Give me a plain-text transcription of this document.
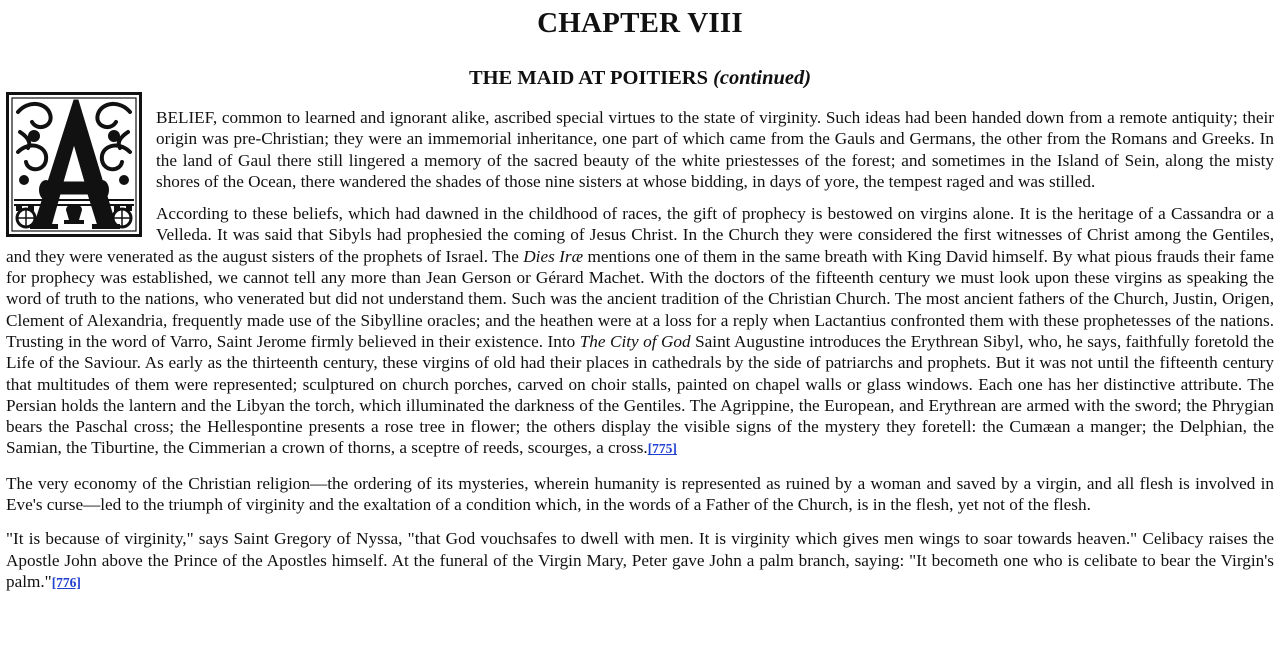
CHAPTER VIII
THE MAID AT POITIERS (continued)

BELIEF, common to learned and ignorant alike, ascribed special virtues to the state of virginity. Such ideas had been handed down from a remote antiquity; their origin was pre-Christian; they were an immemorial inheritance, one part of which came from the Gauls and Germans, the other from the Romans and Greeks. In the land of Gaul there still lingered a memory of the sacred beauty of the white priestesses of the forest; and sometimes in the Island of Sein, along the misty shores of the Ocean, there wandered the shades of those nine sisters at whose bidding, in days of yore, the tempest raged and was stilled.

According to these beliefs, which had dawned in the childhood of races, the gift of prophecy is bestowed on virgins alone. It is the heritage of a Cassandra or a Velleda. It was said that Sibyls had prophesied the coming of Jesus Christ. In the Church they were considered the first witnesses of Christ among the Gentiles, and they were venerated as the august sisters of the prophets of Israel. The Dies Iræ mentions one of them in the same breath with King David himself. By what pious frauds their fame for prophecy was established, we cannot tell any more than Jean Gerson or Gérard Machet. With the doctors of the fifteenth century we must look upon these virgins as speaking the word of truth to the nations, who venerated but did not understand them. Such was the ancient tradition of the Christian Church. The most ancient fathers of the Church, Justin, Origen, Clement of Alexandria, frequently made use of the Sibylline oracles; and the heathen were at a loss for a reply when Lactantius confronted them with these prophetesses of the nations. Trusting in the word of Varro, Saint Jerome firmly believed in their existence. Into The City of God Saint Augustine introduces the Erythrean Sibyl, who, he says, faithfully foretold the Life of the Saviour. As early as the thirteenth century, these virgins of old had their places in cathedrals by the side of patriarchs and prophets. But it was not until the fifteenth century that multitudes of them were represented; sculptured on church porches, carved on choir stalls, painted on chapel walls or glass windows. Each one has her distinctive attribute. The Persian holds the lantern and the Libyan the torch, which illuminated the darkness of the Gentiles. The Agrippine, the European, and Erythrean are armed with the sword; the Phrygian bears the Paschal cross; the Hellespontine presents a rose tree in flower; the others display the visible signs of the mystery they foretell: the Cumæan a manger; the Delphian, the Samian, the Tiburtine, the Cimmerian a crown of thorns, a sceptre of reeds, scourges, a cross.[775]

The very economy of the Christian religion—the ordering of its mysteries, wherein humanity is represented as ruined by a woman and saved by a virgin, and all flesh is involved in Eve's curse—led to the triumph of virginity and the exaltation of a condition which, in the words of a Father of the Church, is in the flesh, yet not of the flesh.

"It is because of virginity," says Saint Gregory of Nyssa, "that God vouchsafes to dwell with men. It is virginity which gives men wings to soar towards heaven." Celibacy raises the Apostle John above the Prince of the Apostles himself. At the funeral of the Virgin Mary, Peter gave John a palm branch, saying: "It becometh one who is celibate to bear the Virgin's palm."[776]
